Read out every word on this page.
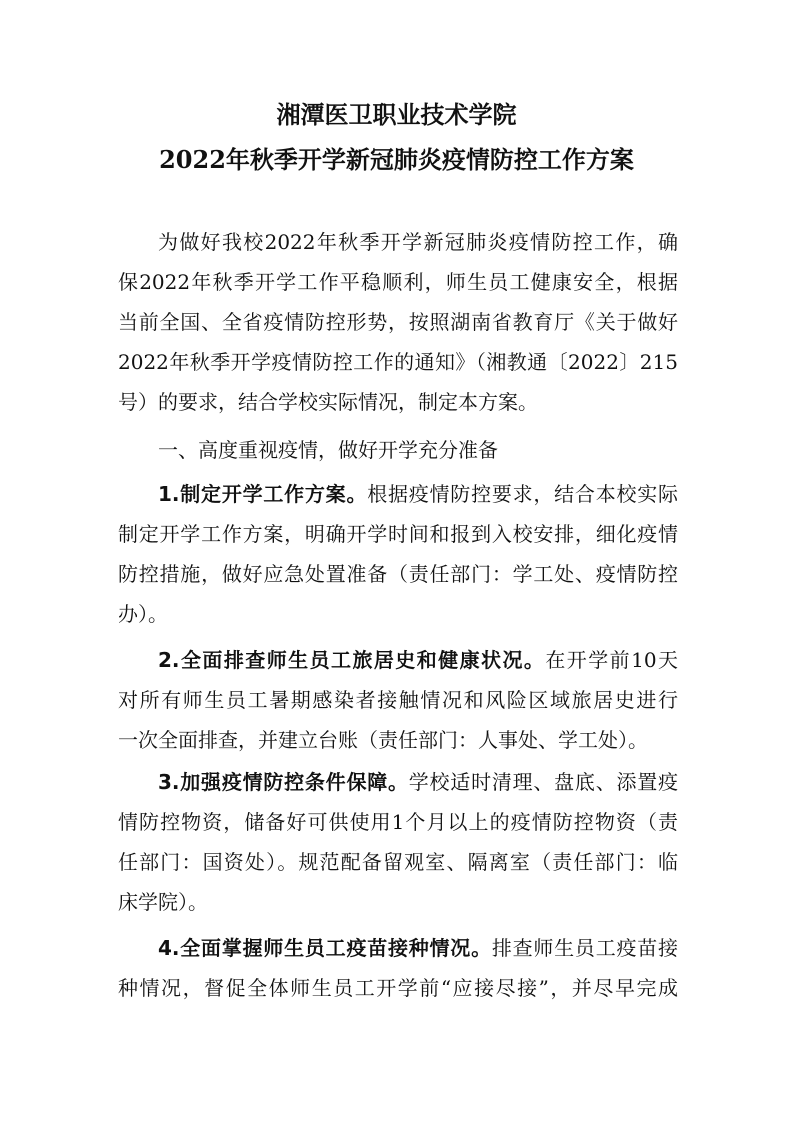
湘潭医卫职业技术学院
2022年秋季开学新冠肺炎疫情防控工作方案
为做好我校2022年秋季开学新冠肺炎疫情防控工作，确
保2022年秋季开学工作平稳顺利，师生员工健康安全，根据
当前全国、全省疫情防控形势，按照湖南省教育厅《关于做好
2022年秋季开学疫情防控工作的通知》（湘教通〔2022〕215
号）的要求，结合学校实际情况，制定本方案。
一、高度重视疫情，做好开学充分准备
1.制定开学工作方案。根据疫情防控要求，结合本校实际
制定开学工作方案，明确开学时间和报到入校安排，细化疫情
防控措施，做好应急处置准备（责任部门：学工处、疫情防控
办）。
2.全面排查师生员工旅居史和健康状况。在开学前10天
对所有师生员工暑期感染者接触情况和风险区域旅居史进行
一次全面排查，并建立台账（责任部门：人事处、学工处）。
3.加强疫情防控条件保障。学校适时清理、盘底、添置疫
情防控物资，储备好可供使用1个月以上的疫情防控物资（责
任部门：国资处）。规范配备留观室、隔离室（责任部门：临
床学院）。
4.全面掌握师生员工疫苗接种情况。排查师生员工疫苗接
种情况，督促全体师生员工开学前“应接尽接”，并尽早完成
